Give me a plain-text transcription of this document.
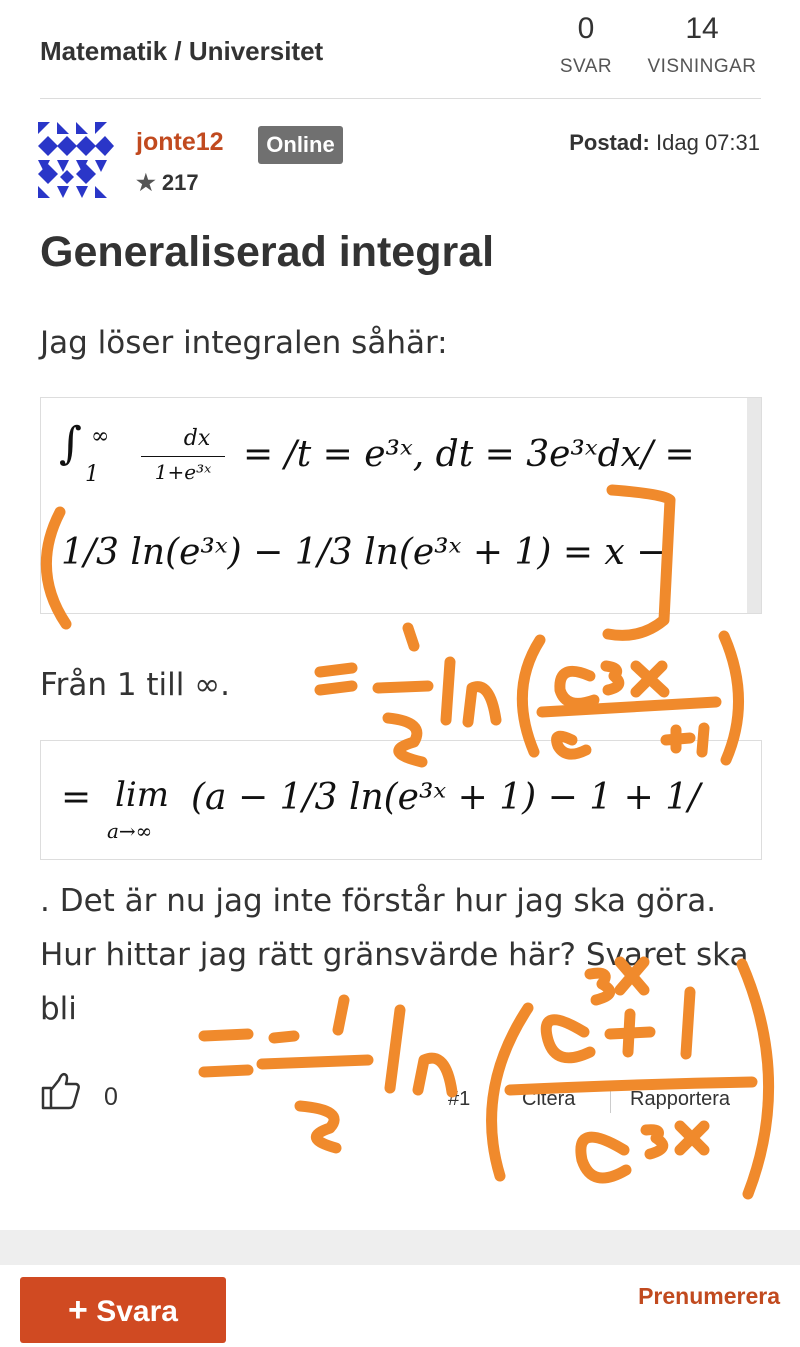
Matematik / Universitet
0
SVAR
14
VISNINGAR
jonte12	Online
★ 217
Postad: Idag 07:31
Generaliserad integral
Jag löser integralen såhär:
∫ ∞
1
dx
1+e³ˣ = /t = e³ˣ, dt = 3e³ˣdx/ =
1/3 ln(e³ˣ) − 1/3 ln(e³ˣ + 1) = x −
Från 1 till ∞.
= lim
a→∞
(a − 1/3 ln(e³ˣ + 1) − 1 + 1/
. Det är nu jag inte förstår hur jag ska göra. Hur hittar jag rätt gränsvärde här? Svaret ska bli
0	#1	Citera	Rapportera
+ Svara	Prenumerera
